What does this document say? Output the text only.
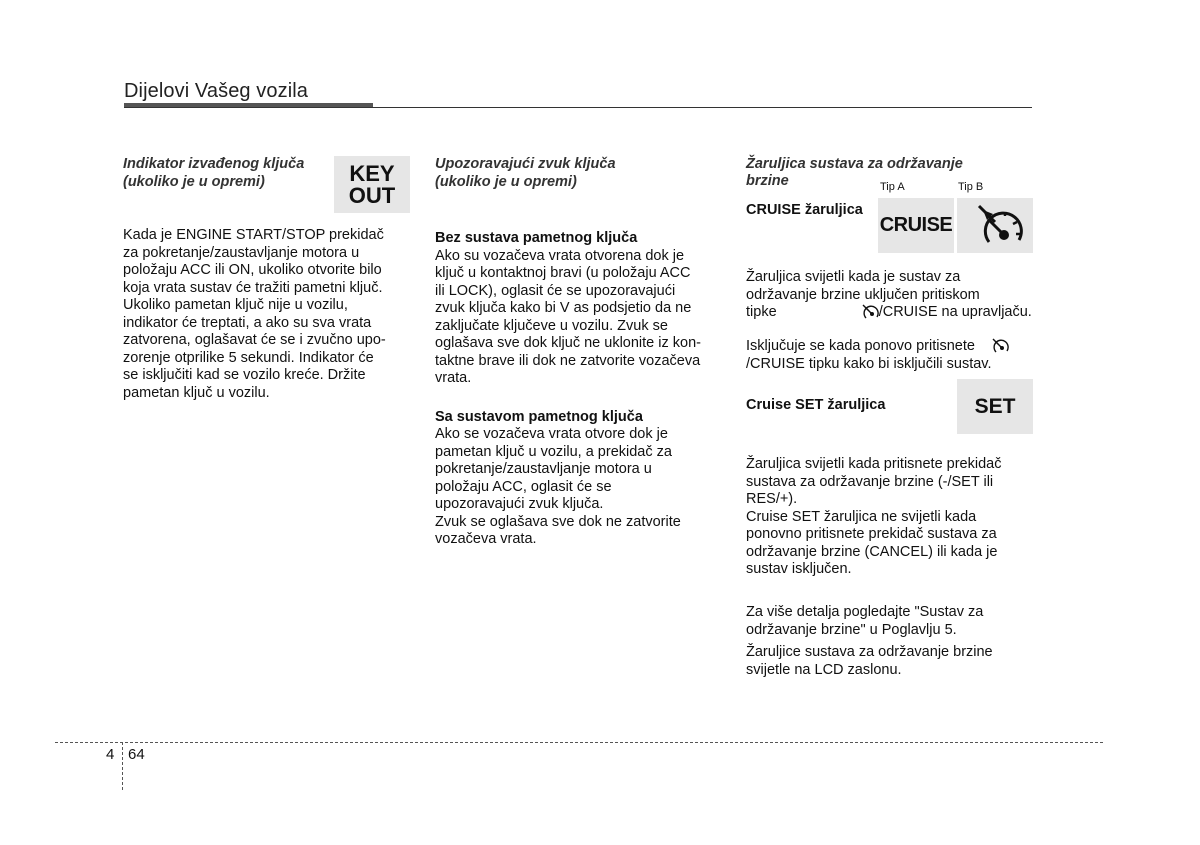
Dijelovi Vašeg vozila

Indikator izvađenog ključa

(ukoliko je u opremi)	KEY
OUT

Kada je ENGINE START/STOP prekidač

za pokretanje/zaustavljanje motora u

položaju ACC ili ON, ukoliko otvorite bilo

koja vrata sustav će tražiti pametni ključ.

Ukoliko pametan ključ nije u vozilu,

indikator će treptati, a ako su sva vrata

zatvorena, oglašavat će se i zvučno upo-

zorenje otprilike 5 sekundi. Indikator će

se isključiti kad se vozilo kreće. Držite

pametan ključ u vozilu.

Upozoravajući zvuk ključa

(ukoliko je u opremi)

Bez sustava pametnog ključa

Ako su vozačeva vrata otvorena dok je

ključ u kontaktnoj bravi (u položaju ACC

ili LOCK), oglasit će se upozoravajući

zvuk ključa kako bi V as podsjetio da ne

zaključate ključeve u vozilu. Zvuk se

oglašava sve dok ključ ne uklonite iz kon-

taktne brave ili dok ne zatvorite vozačeva

vrata.

Sa sustavom pametnog ključa

Ako se vozačeva vrata otvore dok je

pametan ključ u vozilu, a prekidač za

pokretanje/zaustavljanje motora u

položaju ACC, oglasit će se

upozoravajući zvuk ključa.

Zvuk se oglašava sve dok ne zatvorite

vozačeva vrata.

Žaruljica sustava za održavanje

brzine	Tip A	Tip B

CRUISE žaruljica

CRUISE

Žaruljica svijetli kada je sustav za

održavanje brzine uključen pritiskom

tipke	/CRUISE na upravljaču.

Isključuje se kada ponovo pritisnete

/CRUISE tipku kako bi isključili sustav.

Cruise SET žaruljica	SET

Žaruljica svijetli kada pritisnete prekidač

sustava za održavanje brzine (-/SET ili

RES/+).

Cruise SET žaruljica ne svijetli kada

ponovno pritisnete prekidač sustava za

održavanje brzine (CANCEL) ili kada je

sustav isključen.

Za više detalja pogledajte "Sustav za

održavanje brzine" u Poglavlju 5.

Žaruljice sustava za održavanje brzine

svijetle na LCD zaslonu.

4 64
